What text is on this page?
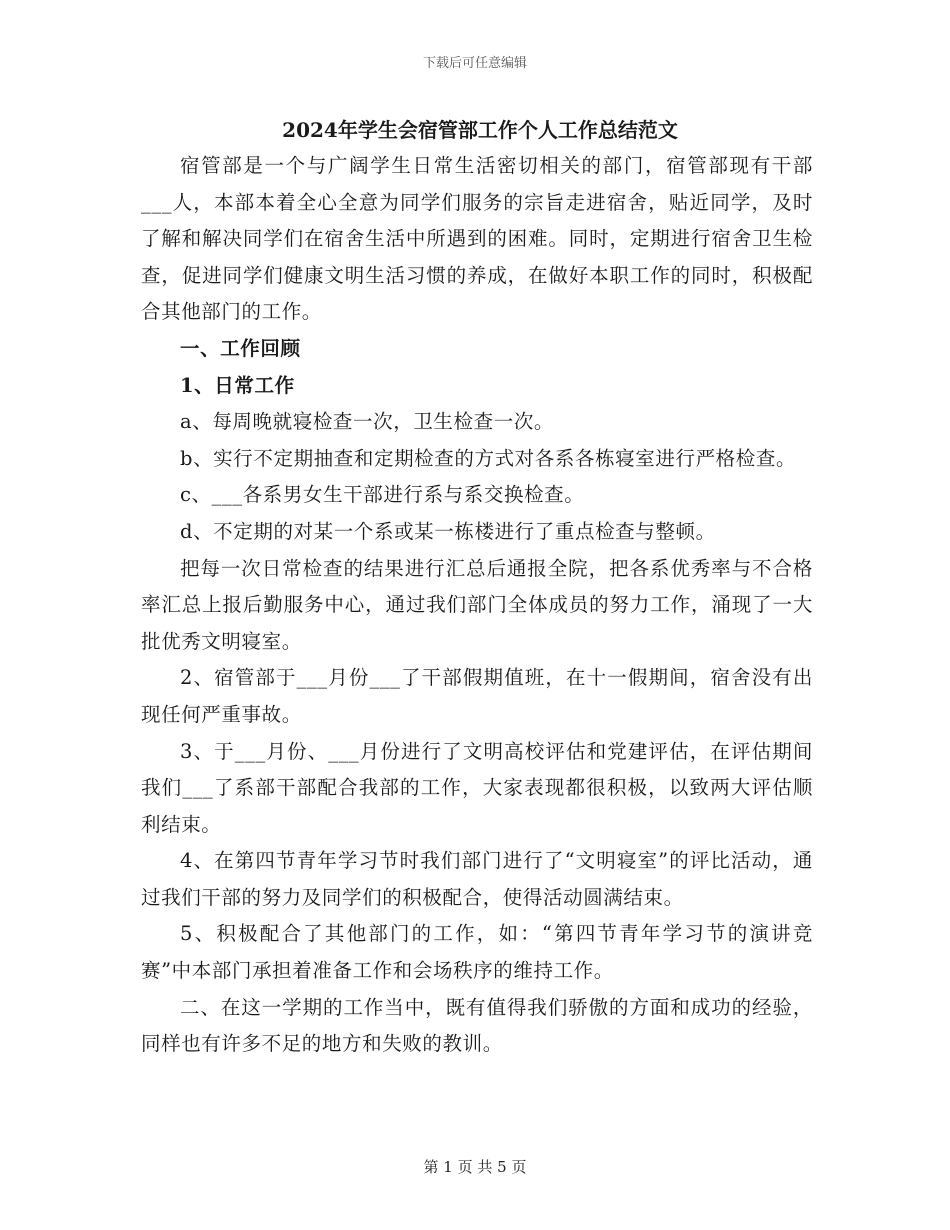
下载后可任意编辑
2024年学生会宿管部工作个人工作总结范文

宿管部是一个与广阔学生日常生活密切相关的部门，宿管部现有干部___人，本部本着全心全意为同学们服务的宗旨走进宿舍，贴近同学，及时了解和解决同学们在宿舍生活中所遇到的困难。同时，定期进行宿舍卫生检查，促进同学们健康文明生活习惯的养成，在做好本职工作的同时，积极配合其他部门的工作。

一、工作回顾

1、日常工作

a、每周晚就寝检查一次，卫生检查一次。

b、实行不定期抽查和定期检查的方式对各系各栋寝室进行严格检查。

c、___各系男女生干部进行系与系交换检查。

d、不定期的对某一个系或某一栋楼进行了重点检查与整顿。

把每一次日常检查的结果进行汇总后通报全院，把各系优秀率与不合格率汇总上报后勤服务中心，通过我们部门全体成员的努力工作，涌现了一大批优秀文明寝室。

2、宿管部于___月份___了干部假期值班，在十一假期间，宿舍没有出现任何严重事故。

3、于___月份、___月份进行了文明高校评估和党建评估，在评估期间我们___了系部干部配合我部的工作，大家表现都很积极，以致两大评估顺利结束。

4、在第四节青年学习节时我们部门进行了“文明寝室”的评比活动，通过我们干部的努力及同学们的积极配合，使得活动圆满结束。

5、积极配合了其他部门的工作，如：“第四节青年学习节的演讲竞赛”中本部门承担着准备工作和会场秩序的维持工作。

二、在这一学期的工作当中，既有值得我们骄傲的方面和成功的经验，同样也有许多不足的地方和失败的教训。

第 1 页 共 5 页
